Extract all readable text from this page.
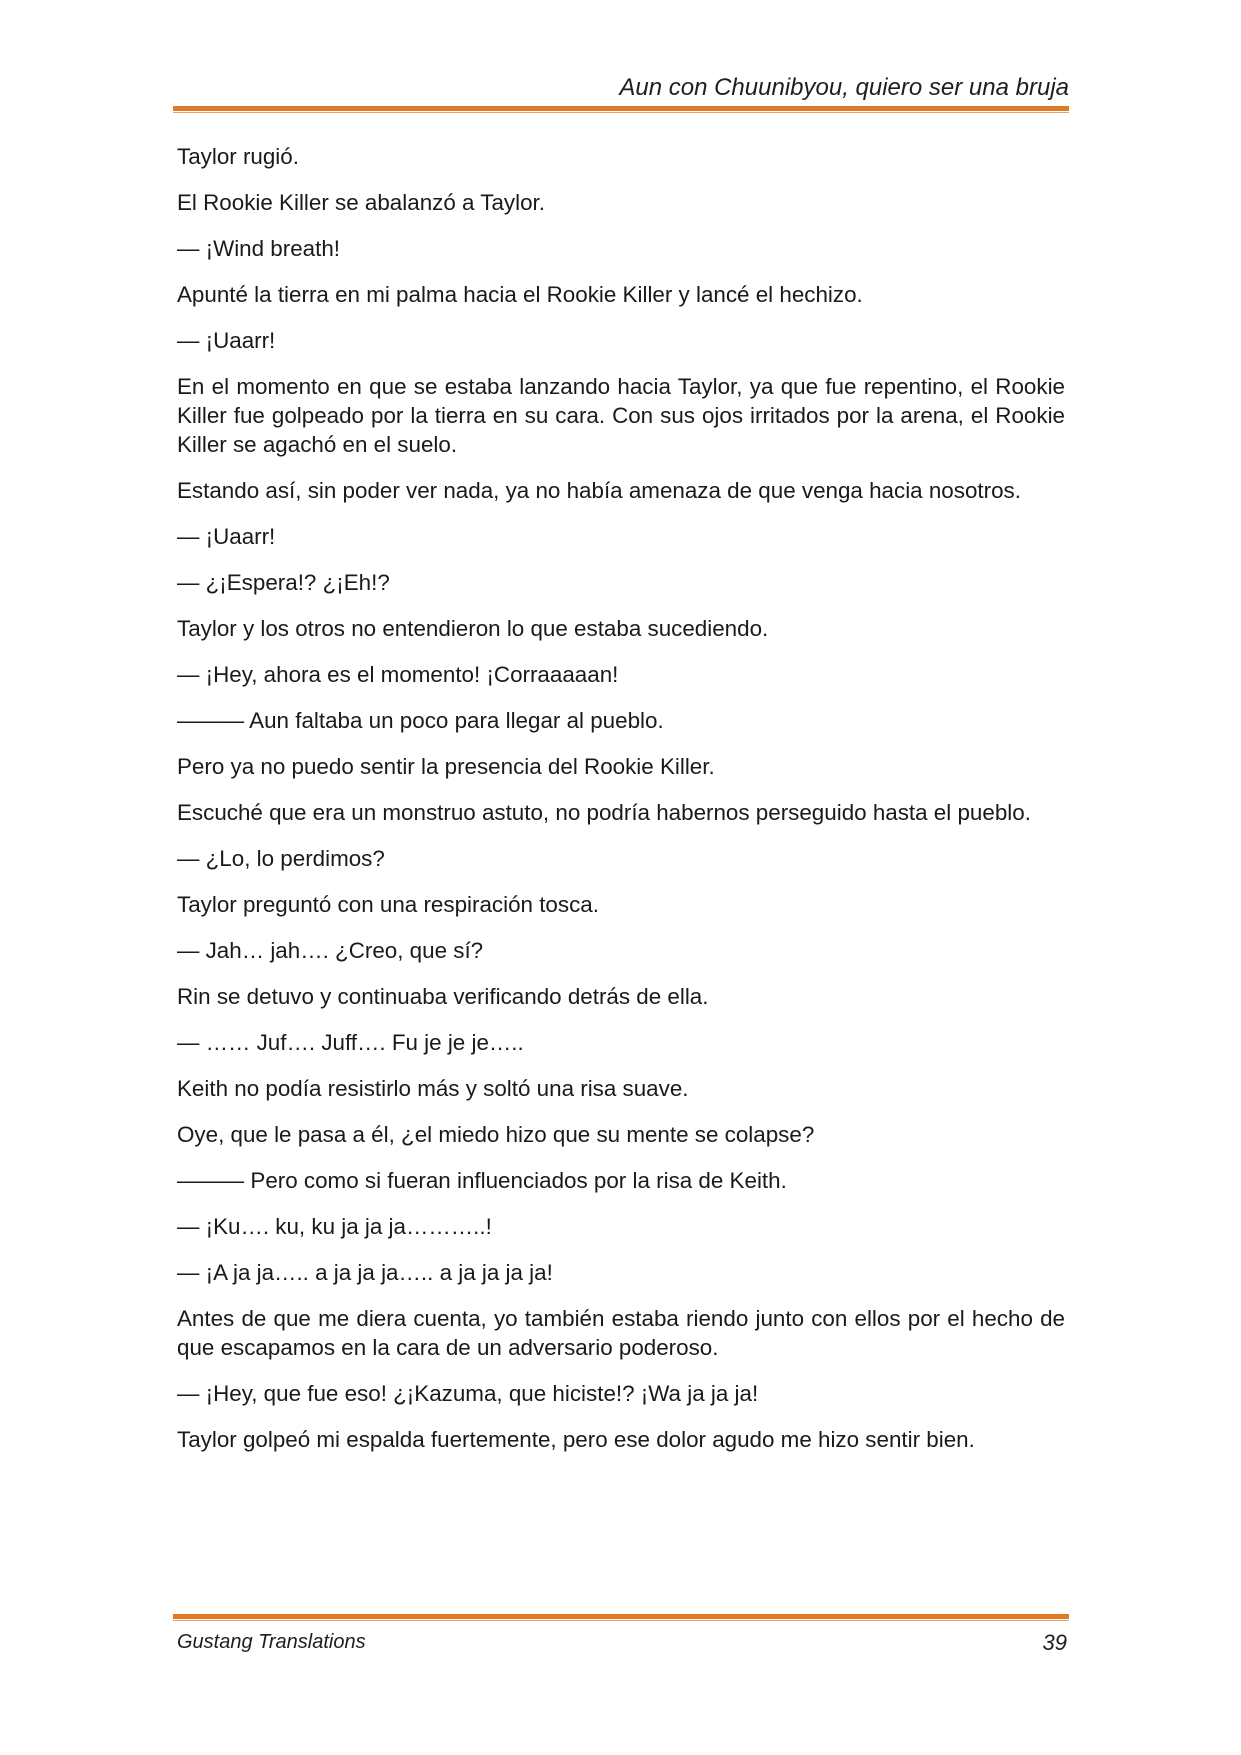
Aun con Chuunibyou, quiero ser una bruja

Taylor rugió.

El Rookie Killer se abalanzó a Taylor.

— ¡Wind breath!

Apunté la tierra en mi palma hacia el Rookie Killer y lancé el hechizo.

— ¡Uaarr!

En el momento en que se estaba lanzando hacia Taylor, ya que fue repentino, el Rookie Killer fue golpeado por la tierra en su cara. Con sus ojos irritados por la arena, el Rookie Killer se agachó en el suelo.

Estando así, sin poder ver nada, ya no había amenaza de que venga hacia nosotros.

— ¡Uaarr!

— ¿¡Espera!? ¿¡Eh!?

Taylor y los otros no entendieron lo que estaba sucediendo.

— ¡Hey, ahora es el momento! ¡Corraaaaan!

——— Aun faltaba un poco para llegar al pueblo.

Pero ya no puedo sentir la presencia del Rookie Killer.

Escuché que era un monstruo astuto, no podría habernos perseguido hasta el pueblo.

— ¿Lo, lo perdimos?

Taylor preguntó con una respiración tosca.

— Jah… jah…. ¿Creo, que sí?

Rin se detuvo y continuaba verificando detrás de ella.

— …… Juf…. Juff…. Fu je je je…..

Keith no podía resistirlo más y soltó una risa suave.

Oye, que le pasa a él, ¿el miedo hizo que su mente se colapse?

——— Pero como si fueran influenciados por la risa de Keith.

— ¡Ku…. ku, ku ja ja ja………..!

— ¡A ja ja….. a ja ja ja….. a ja ja ja ja!

Antes de que me diera cuenta, yo también estaba riendo junto con ellos por el hecho de que escapamos en la cara de un adversario poderoso.

— ¡Hey, que fue eso! ¿¡Kazuma, que hiciste!? ¡Wa ja ja ja!

Taylor golpeó mi espalda fuertemente, pero ese dolor agudo me hizo sentir bien.

Gustang Translations	39
